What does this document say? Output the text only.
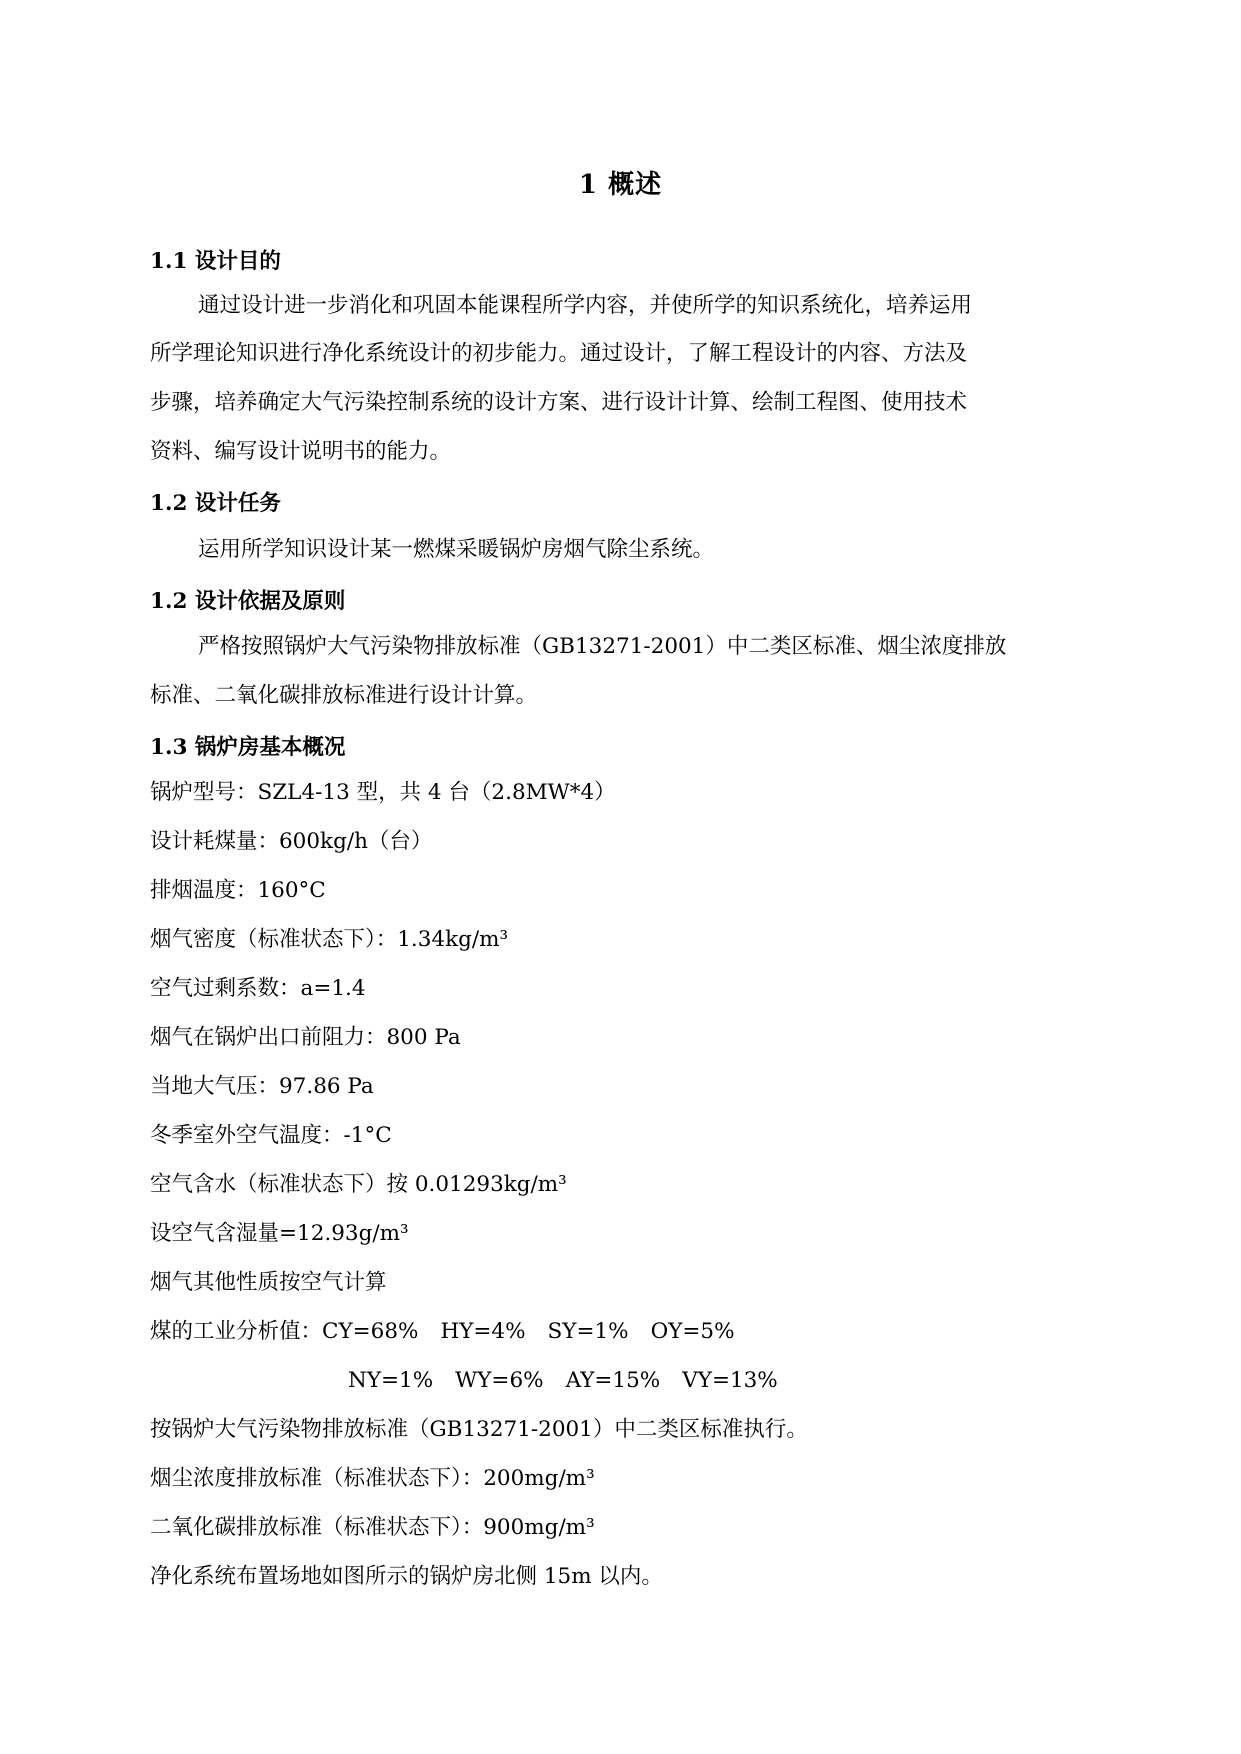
1 概述
1.1 设计目的
通过设计进一步消化和巩固本能课程所学内容，并使所学的知识系统化，培养运用
所学理论知识进行净化系统设计的初步能力。通过设计，了解工程设计的内容、方法及
步骤，培养确定大气污染控制系统的设计方案、进行设计计算、绘制工程图、使用技术
资料、编写设计说明书的能力。
1.2 设计任务
运用所学知识设计某一燃煤采暖锅炉房烟气除尘系统。
1.2 设计依据及原则
严格按照锅炉大气污染物排放标准（GB13271-2001）中二类区标准、烟尘浓度排放
标准、二氧化碳排放标准进行设计计算。
1.3 锅炉房基本概况
锅炉型号：SZL4-13 型，共 4 台（2.8MW*4）
设计耗煤量：600kg/h（台）
排烟温度：160°C
烟气密度（标准状态下）：1.34kg/m³
空气过剩系数：a=1.4
烟气在锅炉出口前阻力：800 Pa
当地大气压：97.86 Pa
冬季室外空气温度：-1°C
空气含水（标准状态下）按 0.01293kg/m³
设空气含湿量=12.93g/m³
烟气其他性质按空气计算
煤的工业分析值：CY=68% HY=4% SY=1% OY=5%
NY=1% WY=6% AY=15% VY=13%
按锅炉大气污染物排放标准（GB13271-2001）中二类区标准执行。
烟尘浓度排放标准（标准状态下）：200mg/m³
二氧化碳排放标准（标准状态下）：900mg/m³
净化系统布置场地如图所示的锅炉房北侧 15m 以内。
